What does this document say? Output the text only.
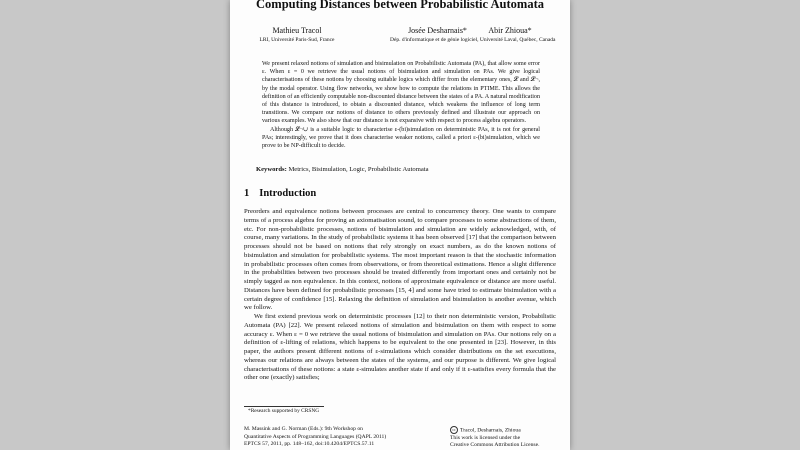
Computing Distances between Probabilistic Automata
Mathieu Tracol
LRI, Université Paris-Sud, France
Josée Desharnais*
Dép. d'informatique et de génie logiciel, Université Laval, Québec, Canada
Abir Zhioua*

We present relaxed notions of simulation and bisimulation on Probabilistic Automata (PA), that allow some error ε. When ε = 0 we retrieve the usual notions of bisimulation and simulation on PAs. We give logical characterisations of these notions by choosing suitable logics which differ from the elementary ones, 𝓛 and 𝓛¬, by the modal operator. Using flow networks, we show how to compute the relations in PTIME. This allows the definition of an efficiently computable non-discounted distance between the states of a PA. A natural modification of this distance is introduced, to obtain a discounted distance, which weakens the influence of long term transitions. We compare our notions of distance to others previously defined and illustrate our approach on various examples. We also show that our distance is not expansive with respect to process algebra operators.

Although 𝓛¬∪ is a suitable logic to characterise ε-(bi)simulation on deterministic PAs, it is not for general PAs; interestingly, we prove that it does characterise weaker notions, called a priori ε-(bi)simulation, which we prove to be NP-difficult to decide.

Keywords: Metrics, Bisimulation, Logic, Probabilistic Automata
1 Introduction

Preorders and equivalence notions between processes are central to concurrency theory. One wants to compare terms of a process algebra for proving an axiomatisation sound, to compare processes to some abstractions of them, etc. For non-probabilistic processes, notions of bisimulation and simulation are widely acknowledged, with, of course, many variations. In the study of probabilistic systems it has been observed [17] that the comparison between processes should not be based on notions that rely strongly on exact numbers, as do the known notions of bisimulation and simulation for probabilistic systems. The most important reason is that the stochastic information in probabilistic processes often comes from observations, or from theoretical estimations. Hence a slight difference in the probabilities between two processes should be treated differently from important ones and certainly not be simply tagged as non equivalence. In this context, notions of approximate equivalence or distance are more useful. Distances have been defined for probabilistic processes [15, 4] and some have tried to estimate bisimulation with a certain degree of confidence [15]. Relaxing the definition of simulation and bisimulation is another avenue, which we follow.

We first extend previous work on deterministic processes [12] to their non deterministic version, Probabilistic Automata (PA) [22]. We present relaxed notions of simulation and bisimulation on them with respect to some accuracy ε. When ε = 0 we retrieve the usual notions of bisimulation and simulation on PAs. Our notions rely on a definition of ε-lifting of relations, which happens to be equivalent to the one presented in [23]. However, in this paper, the authors present different notions of ε-simulations which consider distributions on the set executions, whereas our relations are always between the states of the systems, and our purpose is different. We give logical characterisations of these notions: a state ε-simulates another state if and only if it ε-satisfies every formula that the other one (exactly) satisfies;

*Research supported by CRSNG
M. Massink and G. Norman (Eds.): 9th Workshop on
Quantitative Aspects of Programming Languages (QAPL 2011)
EPTCS 57, 2011, pp. 148–162, doi:10.4204/EPTCS.57.11
cc Tracol, Desharnais, Zhioua
This work is licensed under the
Creative Commons Attribution License.
